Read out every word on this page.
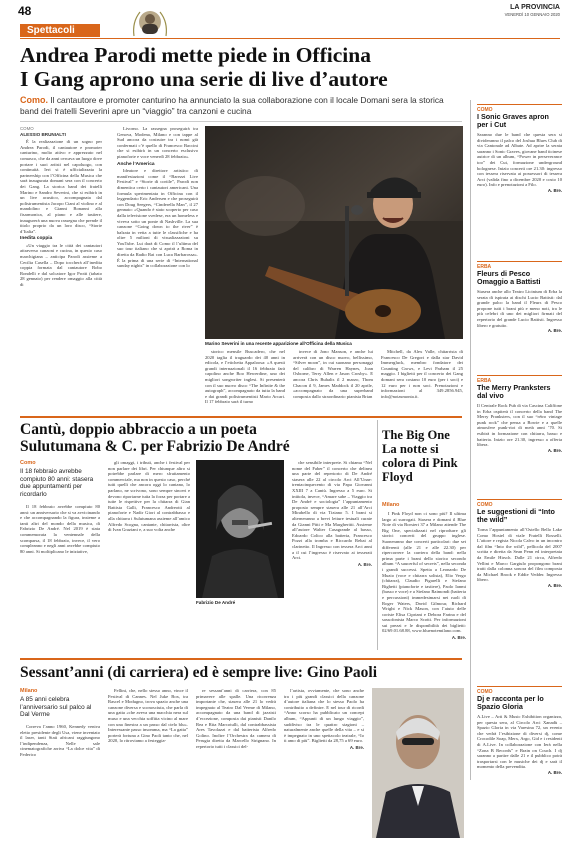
48
Spettacoli
LA PROVINCIA
VENERDÌ 10 GENNAIO 2020
Andrea Parodi mette piede in Officina
I Gang aprono una serie di live d’autore
Como. Il cantautore e promoter canturino ha annunciato la sua collaborazione con il locale Domani sera la storica band dei fratelli Severini apre un “viaggio” tra canzoni e cucina
COMO
ALESSIO BRUNIALTI

È la realizzazione di un sogno per Andrea Parodi, il cantautore e promoter canturino, molto attivo e apprezzato nel comasco, che da anni cercava un luogo dove portare i suoi artisti nel capoluogo, con continuità. Ieri si è ufficializzata la partnership con l’Officina della Musica che sarà inaugurata domani sera con il concerto dei Gang. La storica band dei fratelli Marino e Sandro Severini, che si esibirà in un live acustico, accompagnata dal polistrumentista Jacopo Ciani al violino e al mandolino e Gianni Bonanni alla fisarmonica, al piano e alle tastiere, inaugurerà una nuova rassegna che prende il titolo proprio da un loro disco, “Storie d’Italia”.

Inedita coppia

«Un viaggio tra le città dei cantautori attraverso canzoni e cucina, in questo caso marchigiana – anticipa Parodi assieme a Cecilia Casella – Dopo toccherà all’inedita coppia formata dal cantautore Bobo Rondelli e dal solcatore Igor Protti (tabato 28 gennaio) per rendere omaggio alla città di

Livorno. La rassegna proseguirà tra Genova, Modena, Milano e con tappe al Sud ancora da costruire tra i nomi già confermati c’è quello di Francesco Baccini che si esibirà in un concerto esclusivo pianoforte e voce venerdì 28 febbraio».

Anche l’America

Ideatore e direttore artistico di manifestazioni come il “Barezzi Live Festival” e “Storie di cortile”, Parodi non dimentica certo i cantautori americani. Una formula sperimentata in Officina con il leggendario Eric Andersen e che proseguirà con Doug Seegers, “Cinderella Man”, il 27 gennaio: «Quando è stato scoperto per caso dalla televisione svedese, era un homeless e viveva sotto un ponte di Nashville. La sua canzone “Going down to the river” è balzata in vetta a tutte le classifiche e ha oltre 5 milioni di visualizzazioni su YouTube. Lui darà di Como il l’ultima del suo tour italiano che si aprirà a Roma in diretta da Radio Rai con Luca Barbarossa». È la prima di una serie di “International sunday nights” in collaborazione con lo

Marino Severini in una recente apparizione all’Officina della Musica

storico mensile Buscadero, che nel 2020 taglia il traguardo dei 40 anni in edicola, e l’etichetta Appaloosa: «A questi grandi internazionali il 16 febbraio farà capolino anche Boo Hewerdine, uno dei migliori songwriter inglesi. Si presenterà con il suo nuovo disco “The Infinite & the autograph”, accompagnato da tutta la band e dai grandi polistrumentisti Mario Arcari. Il 17 febbraio sarà il turno

invece di Jono Manson, e anche lui arriverà con un disco nuovo, bellissimo, “Silver moon”, in cui suonano personaggi del calibro di Warren Haynes, Joan Osborne, Terry Allen e Jason Crosby». E ancora Chris Buhalis il 2 marzo, Thom Chacon il 9, James Maddock il 20 aprile, «accompagnato da una superband composta dallo straordinario pianista Brian

Mitchell, da Alex Valle, chitarrista di Francesco De Gregori e dalla star David Immergluck, membro fondatore dei Counting Crows, e Levi Parham il 25 maggio. I biglietti per il concerto dei Gang domani sera costano 10 euro (per i soci) e 12 euro per i non soci. Prenotazioni e informazioni al 349.2856.945, info@notasmonta.it.

COMO
I Sonic Graves apron per i Cut
Saranno due le band che questa sera si divideranno il palco del Joshua Blues Club di via Cantonale ad Albate. Ad aprire la serata saranno i Sonic Graves, giovane band ticinese autrice di un album, “Power in perseverance too” dei Cut, formazione underground bolognese. Inizio concerti ore 21.30: ingresso con tessera riservata ai possessori di tessera Arci (valida fino a dicembre 2020 e costo 10 euro). Info e prenotazioni a Filo.
A. Bre.
ERBA
Fleurs di Pesco Omaggio a Battisti
Stasera anche allo Teatro Licinium di Erba la serata di ispirata ai dischi Lucio Battisti: dal grande palco la band il Fleurs di Pesco propone tutti i brani più e meno noti, tra le più celebri di uno dei migliori firmati del repertorio del grande Lucio Battisti. Ingresso libero e gratuito.
A. Bre.
ERBA
The Merry Pranksters dal vivo
Il Centrale Rock Pub di via Cascina Califfone in Erba ospiterà il concerto della band The Merry Pranksters, con il suo “rétro vintage punk rock” che pensa a Bowie e a quelle atmosfere punk-riot di metà anni ’70. Si esibirà in formazione con chitarra, basso e batteria. Inizio ore 21.30, ingresso a offerta libera.
A. Bre.
COMO
Le suggestioni di “Into the wild”
Torna l’appuntamento all’Ostello Bello Lake Como Hostel di viale Fratelli Rosselli. L’attore e regista Nicola Calvo in un incontro dal film “Into the wild”, pellicola del 2007 scritta e diretta da Sean Penn ed interpretata da Emile Hirsch. Dalle 21 circa, Alfredo Vellini e Marco Gargiulo propongono brani tratti dalla colonna sonora del film composta da Michael Brook e Eddie Vedder. Ingresso libero.
A. Bre.
COMO
Dj e racconta per lo Spazio Gloria
A.Live – Arti & Music Exhibition organizza, per questa sera, al Circolo Arci Xanadù – Spazio Gloria in via Varesina 72, un evento che vedrà l’esibizione di diversi dj, come Crocodile Soap, Merx, Argo, Gid e i residenti di A.Live. In collaborazione con Ierà nella “Zona B Records” e Brain on Couch. I dj saranno a partire dalle 21 e il pubblico potrà trasportarsi con le musiche dei dj e sarà il momento della prevendita.
A. Bre.
Cantù, doppio abbraccio a un poeta Sulutumana & C. per Fabrizio De André
Como
Il 18 febbraio avrebbe compiuto 80 anni: stasera due appuntamenti per ricordarlo

Il 18 febbraio avrebbe compiuto 80 anni: un anniversario che si va avvicinando e che accompagnando la figura, insieme a tanti altri del mondo della musica, di Fabrizio De André. Nel 2019 è stata commemorata la ventennale della scomparsa, il 18 febbraio, invece, il vero compleanno e negli anni avrebbe compiuto 80 anni. Si moltiplicano le iniziative,

gli omaggi, i tributi, anche i festival per non parlare dei libri. Per chiunque altro si potrebbe parlare di mero sfruttamento commerciale, ma non in questo caso, perché tutti quelli che ancora oggi lo cantano, lo parlano, ne scrivono, sono sempre sinceri e devono riportarne tutta la forza per portare a tutte le rispettive per la chitarra di Gian Battista Galli, Francesco Andreotti al pianoforte e Nadir Giori al contrabbasso e alla chitarra i Sulutumana assieme all’amico Alfredo Scogna, cantante, chitarrista, oltre di Ivan Graziani e, a suo volta anche

Fabrizio De André

che sensibile interprete. Si chiama “Nel nome del Faber” il concerto che delinea una parte del repertorio di De André stasera alle 22 al circolo Arci All’Unae: trentacinquecento di via Papa Giovanni XXIII 7 a Cantù. Ingresso a 5 euro. Si intitola, invece, “Amare sabe – Viaggio tra De André e sociologia” l’appuntamento proposto sempre stasera alle 21 all’Arci Mirabello di via Tiziano 5. I brani si alterneranno a brevi letture testuali curate da Gianni Pitti e Ma Margheritti. Assieme all’autore Walter Casagrande al basso, Edoardo Colico alla batteria, Francesco Pozzi alla tromba e Riccardo Rebai al clarinetto. Il Ingresso con tessera Arci anni a il cui l’ingresso è riservato ai tesserati Arci.

A. Bre.
The Big One La notte si colora di Pink Floyd
Milano

I Pink Floyd non ci sono più? Il ultima largo ai surrogati. Stasera e domani il Blue Note di via Borsieri 37 a Milano attende The Big One, specializzati nel riprodurre gli storici concerti del gruppo inglese. Suoneranno due concerti particolari: due set differenti (alle 21 e alle 22.30) per ripercorrere la carriera della band: nella prima parte i brani dello storico secondo album “A saucerful of secrets”, nella seconda i grandi successi. Spetta a Leonardo De Muzio (voce e chitarra solista), Elio Vergo (chitarra), Claudio Pigarelli e Stefano Bighetti (pianoforte e tastiere), Paolo Ianmi (basso e voce) e a Stefano Raimondi (batteria e percussioni) immedesimarsi nei ruoli di Roger Waters, David Gilmour, Richard Wright e Nick Mason, con l’aiuto delle coriste Elisa Cipriani e Debora Farina e del sassofonista Marco Scotti. Per informazioni sui prezzi e le disponibilità dei biglietti: 02/69.01.68.88, www.bluenotemilano.com.

A. Bre.
Sessant’anni (di carriera) ed è sempre live: Gino Paoli
Milano
A 85 anni celebra l’anniversario sul palco al Dal Verme

Correva l’anno 1960, Kennedy veniva eletto presidente degli Usa, viene inventato il laser, tanti Stati africani raggiungono l’indipendenza, Nelle sale cinematografiche arriva “La dolce vita” di Federico

Fellini, che, nello stesso anno, vince il Festival di Cannes. Nel Juke Box, tra Rascel e Modugno, trova spazio anche una canzone diversa e sconosciuta, che parla di una gatta «che aveva una macchia nera sul muso e una vecchia soffitta vicino al mare con una finestra a un passo dal cielo blu». Interessante passo insomma, ma “La gatta” porterà fortuna a Gino Paoli tanto che, nel 2020, lo ritroviamo a festeggia-

re sessant’anni di carriera, con 85 primavere alle spalle. Una ricorrenza importante che, stasera alle 21 lo vedrà impegnato al Teatro Dal Verme di Milano, accompagnato da una band di jazzisti d’eccezione, composta dai pianisti Danilo Rea e Rita Marcotulli, dal contrabbassista Ares Tavolazzi e dal batterista Alfredo Golino. Inoltre l’Orchestra da camera di Perugia diretta da Marcello Sirignano. In repertorio tutti i classici del-

l’artista, ovviamente, che sono anche tra i più grandi classici della canzone d’autore italiana che lo stesso Paolo ha contribuito a definire. E nel tour di ricordi “Anno scorso ha pubblicato un concept album, “Appunti di un lungo viaggio”, suddiviso tra le quattro stagioni – naturalmente anche quelle della vita – e si è impegnato in uno spettacolo teatrale, “Io ti amo di più”. Biglietti da 28,75 a 69 euro.

A. Bre.
